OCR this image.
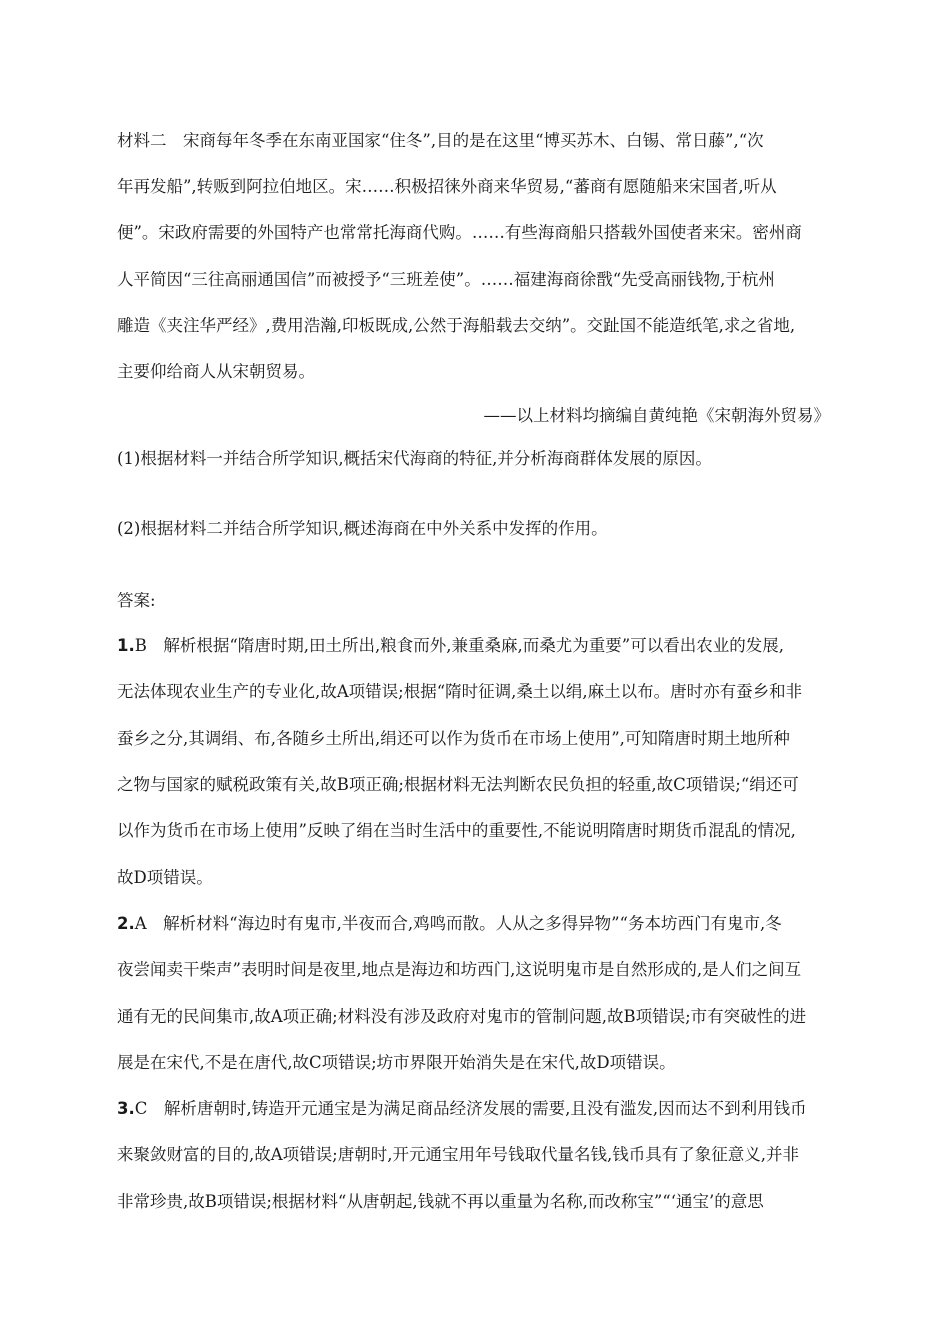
材料二　宋商每年冬季在东南亚国家“住冬”,目的是在这里“博买苏木、白锡、常日藤”,“次
年再发船”,转贩到阿拉伯地区。宋……积极招徕外商来华贸易,“蕃商有愿随船来宋国者,听从
便”。宋政府需要的外国特产也常常托海商代购。……有些海商船只搭载外国使者来宋。密州商
人平简因“三往高丽通国信”而被授予“三班差使”。……福建海商徐戬“先受高丽钱物,于杭州
雕造《夹注华严经》,费用浩瀚,印板既成,公然于海船载去交纳”。交趾国不能造纸笔,求之省地,
主要仰给商人从宋朝贸易。
——以上材料均摘编自黄纯艳《宋朝海外贸易》
(1)根据材料一并结合所学知识,概括宋代海商的特征,并分析海商群体发展的原因。
(2)根据材料二并结合所学知识,概述海商在中外关系中发挥的作用。
答案:
1.B　解析根据“隋唐时期,田土所出,粮食而外,兼重桑麻,而桑尤为重要”可以看出农业的发展,
无法体现农业生产的专业化,故A项错误;根据“隋时征调,桑土以绢,麻土以布。唐时亦有蚕乡和非
蚕乡之分,其调绢、布,各随乡土所出,绢还可以作为货币在市场上使用”,可知隋唐时期土地所种
之物与国家的赋税政策有关,故B项正确;根据材料无法判断农民负担的轻重,故C项错误;“绢还可
以作为货币在市场上使用”反映了绢在当时生活中的重要性,不能说明隋唐时期货币混乱的情况,
故D项错误。
2.A　解析材料“海边时有鬼市,半夜而合,鸡鸣而散。人从之多得异物”“务本坊西门有鬼市,冬
夜尝闻卖干柴声”表明时间是夜里,地点是海边和坊西门,这说明鬼市是自然形成的,是人们之间互
通有无的民间集市,故A项正确;材料没有涉及政府对鬼市的管制问题,故B项错误;市有突破性的进
展是在宋代,不是在唐代,故C项错误;坊市界限开始消失是在宋代,故D项错误。
3.C　解析唐朝时,铸造开元通宝是为满足商品经济发展的需要,且没有滥发,因而达不到利用钱币
来聚敛财富的目的,故A项错误;唐朝时,开元通宝用年号钱取代量名钱,钱币具有了象征意义,并非
非常珍贵,故B项错误;根据材料“从唐朝起,钱就不再以重量为名称,而改称宝”“‘通宝’的意思
